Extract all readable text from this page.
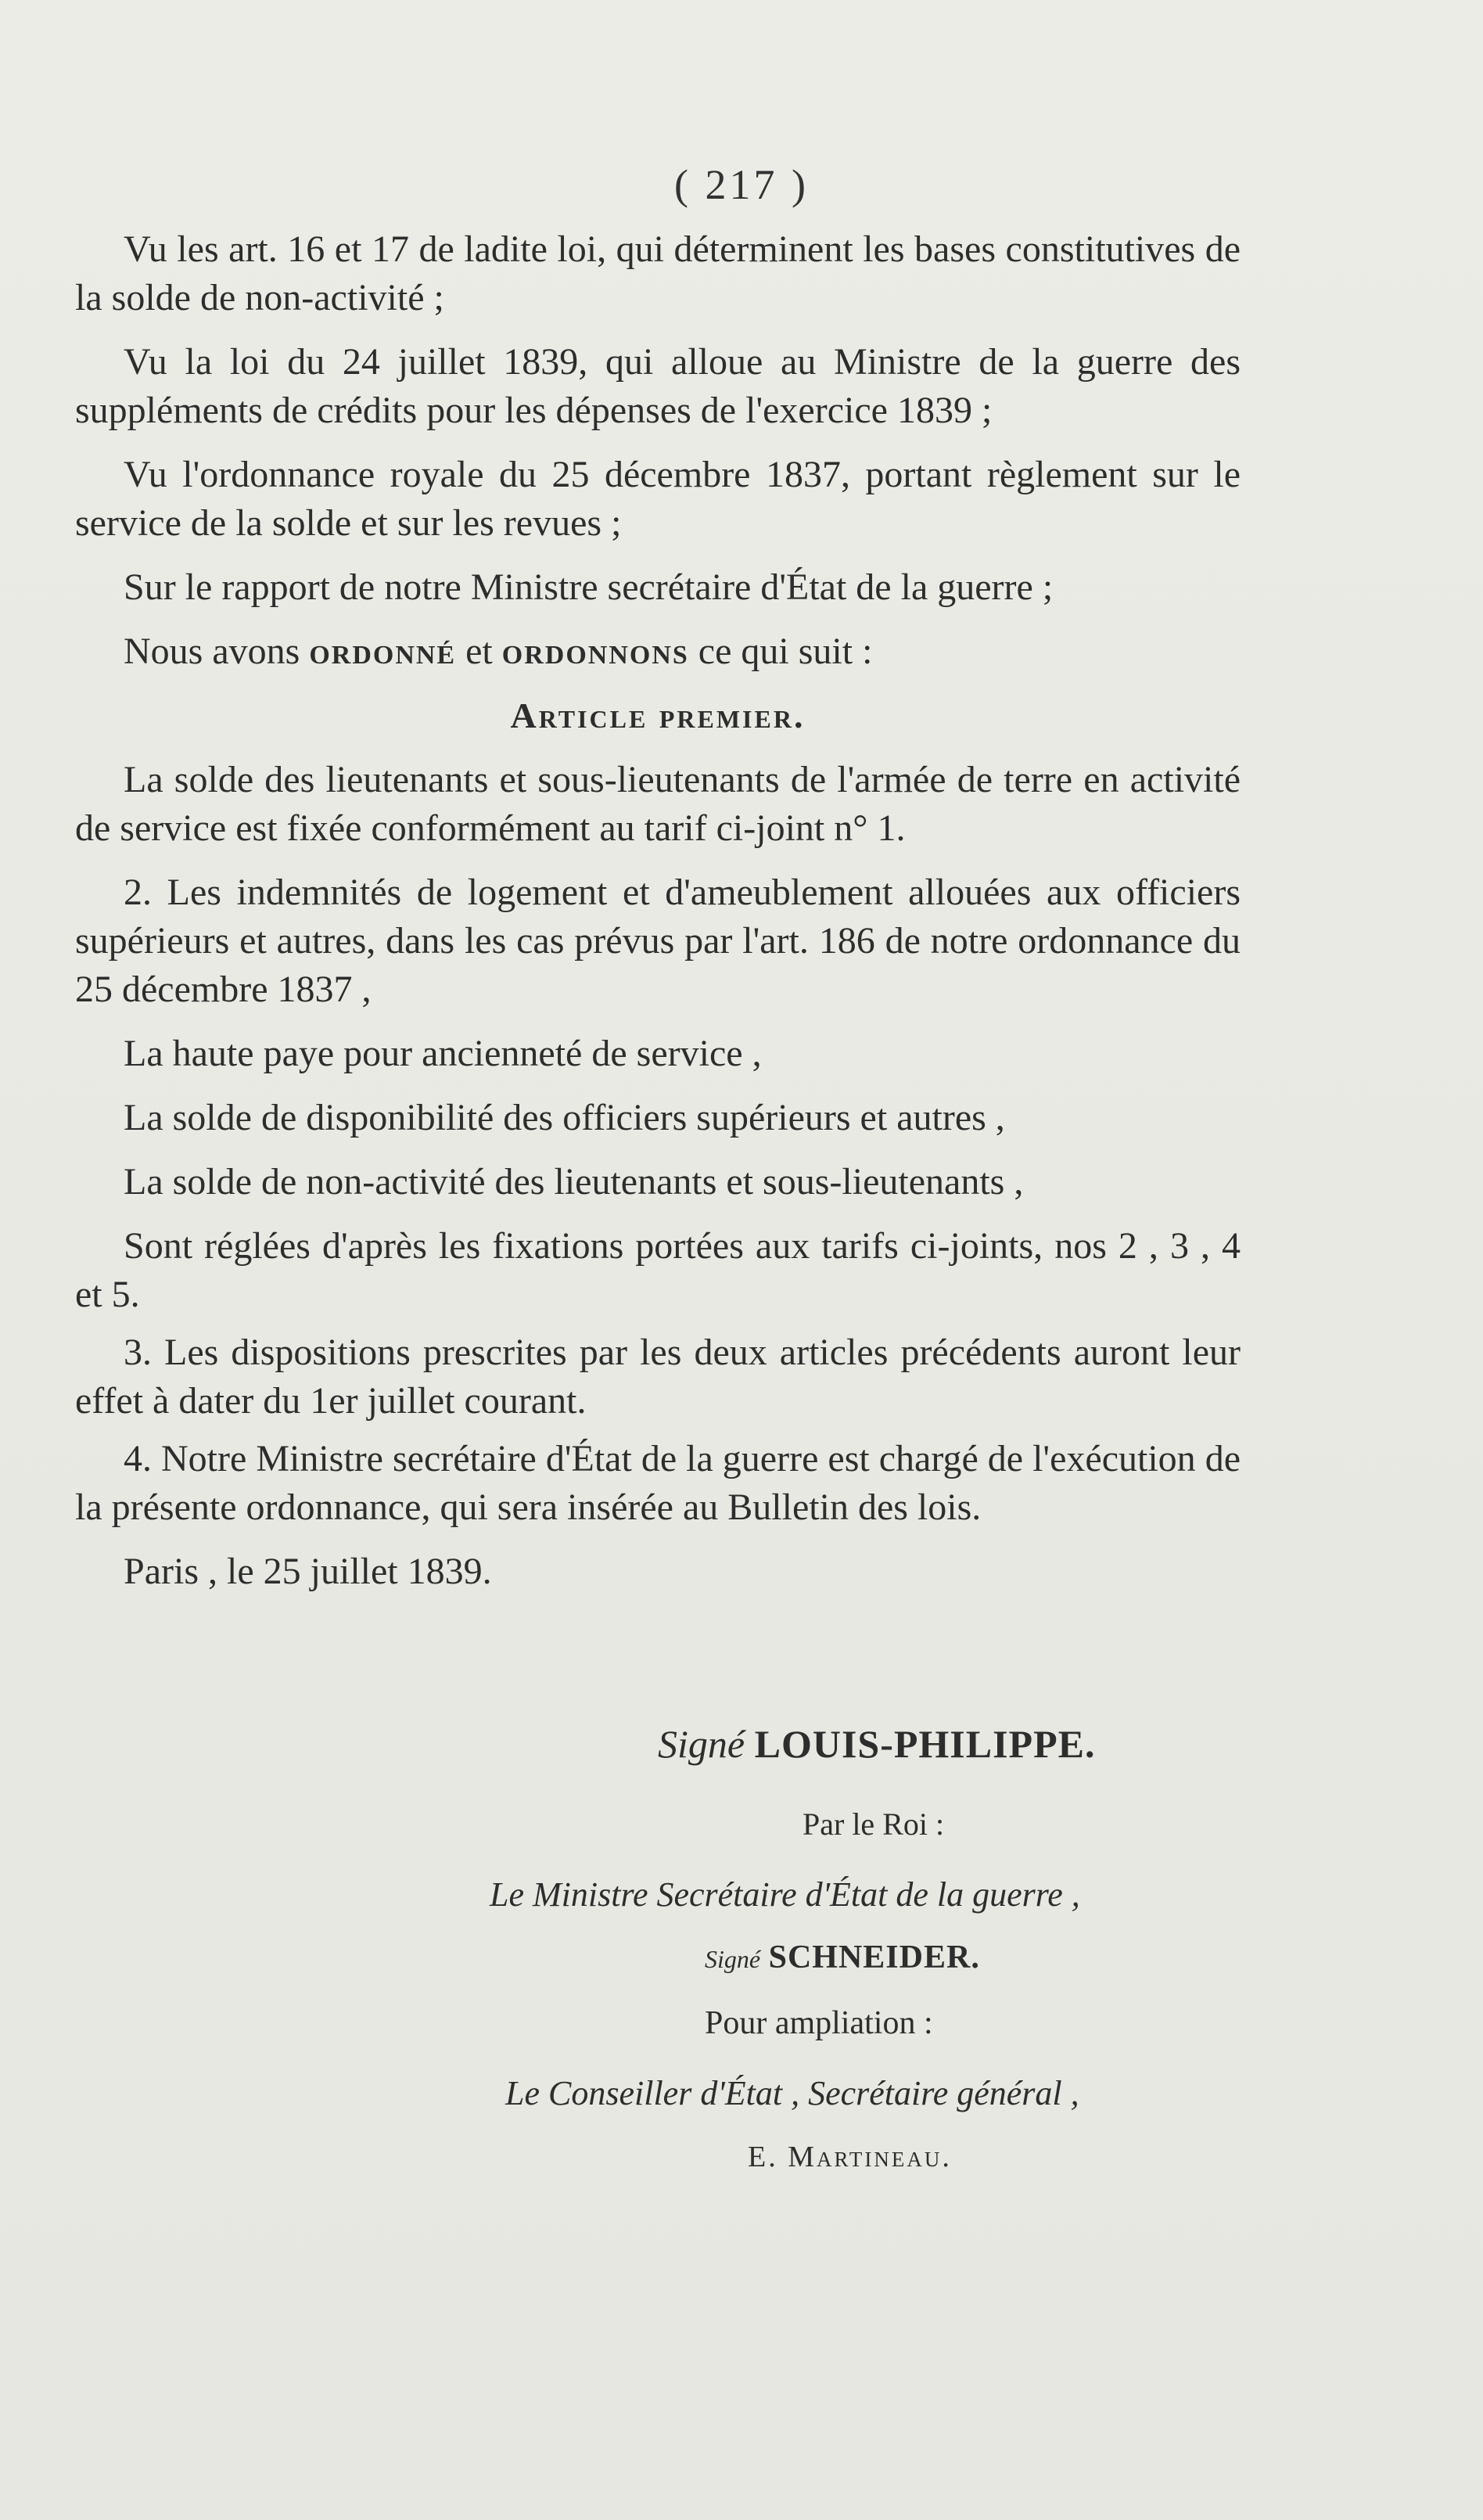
( 217 )

Vu les art. 16 et 17 de ladite loi, qui déterminent les bases constitutives de la solde de non-activité ;

Vu la loi du 24 juillet 1839, qui alloue au Ministre de la guerre des suppléments de crédits pour les dépenses de l'exercice 1839 ;

Vu l'ordonnance royale du 25 décembre 1837, portant règlement sur le service de la solde et sur les revues ;

Sur le rapport de notre Ministre secrétaire d'État de la guerre ;

Nous avons ordonné et ordonnons ce qui suit :

Article premier.

La solde des lieutenants et sous-lieutenants de l'armée de terre en activité de service est fixée conformément au tarif ci-joint n° 1.

2. Les indemnités de logement et d'ameublement allouées aux officiers supérieurs et autres, dans les cas prévus par l'art. 186 de notre ordonnance du 25 décembre 1837 ,

La haute paye pour ancienneté de service ,

La solde de disponibilité des officiers supérieurs et autres ,

La solde de non-activité des lieutenants et sous-lieutenants ,

Sont réglées d'après les fixations portées aux tarifs ci-joints, nos 2 , 3 , 4 et 5.

3. Les dispositions prescrites par les deux articles précédents auront leur effet à dater du 1er juillet courant.

4. Notre Ministre secrétaire d'État de la guerre est chargé de l'exécution de la présente ordonnance, qui sera insérée au Bulletin des lois.

Paris , le 25 juillet 1839.

Signé LOUIS-PHILIPPE.
Par le Roi :
Le Ministre Secrétaire d'État de la guerre ,
Signé SCHNEIDER.
Pour ampliation :
Le Conseiller d'État , Secrétaire général ,
E. Martineau.
